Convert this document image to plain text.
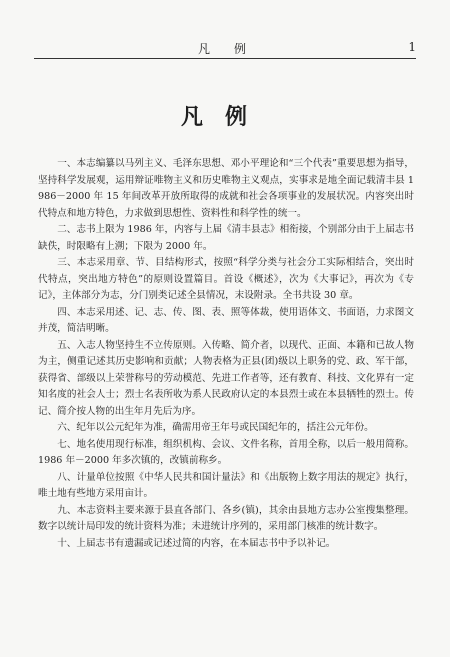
凡　例	1
凡例

一、本志编纂以马列主义、毛泽东思想、邓小平理论和“三个代表”重要思想为指导，坚持科学发展观，运用辩证唯物主义和历史唯物主义观点，实事求是地全面记载清丰县 1986－2000 年 15 年间改革开放所取得的成就和社会各项事业的发展状况。内容突出时代特点和地方特色，力求做到思想性、资料性和科学性的统一。

二、志书上限为 1986 年，内容与上届《清丰县志》相衔接，个别部分由于上届志书缺佚，时限略有上溯；下限为 2000 年。

三、本志采用章、节、目结构形式，按照“科学分类与社会分工实际相结合，突出时代特点，突出地方特色”的原则设置篇目。首设《概述》，次为《大事记》，再次为《专记》，主体部分为志，分门别类记述全县情况，末设附录。全书共设 30 章。

四、本志采用述、记、志、传、图、表、照等体裁，使用语体文、书面语，力求图文并茂，简洁明晰。

五、入志人物坚持生不立传原则。入传略、简介者，以现代、正面、本籍和已故人物为主，侧重记述其历史影响和贡献；人物表格为正县(团)级以上职务的党、政、军干部，获得省、部级以上荣誉称号的劳动模范、先进工作者等，还有教育、科技、文化界有一定知名度的社会人士；烈士名表所收为系人民政府认定的本县烈士或在本县牺牲的烈士。传记、简介按人物的出生年月先后为序。

六、纪年以公元纪年为准，确需用帝王年号或民国纪年的，括注公元年份。

七、地名使用现行标准，组织机构、会议、文件名称，首用全称，以后一般用简称。1986 年－2000 年多次镇的，改镇前称乡。

八、计量单位按照《中华人民共和国计量法》和《出版物上数字用法的规定》执行，唯土地有些地方采用亩计。

九、本志资料主要来源于县直各部门、各乡(镇)，其余由县地方志办公室搜集整理。数字以统计局印发的统计资料为准；未进统计序列的，采用部门核准的统计数字。

十、上届志书有遗漏或记述过简的内容，在本届志书中予以补记。
